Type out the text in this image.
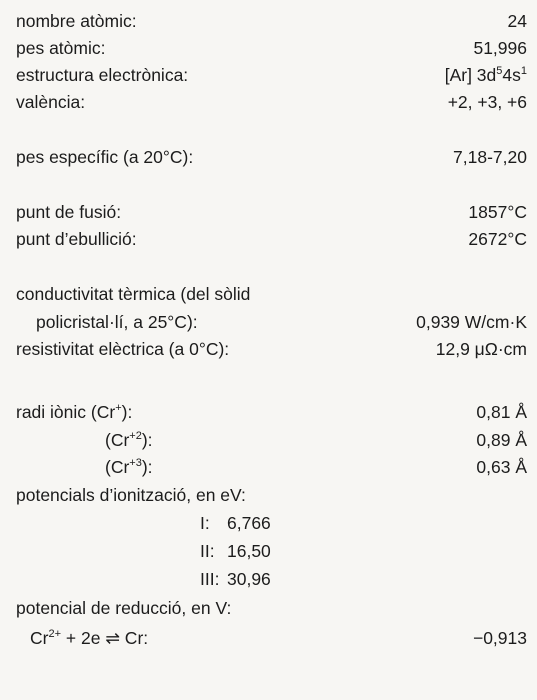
nombre atòmic:	24
pes atòmic:	51,996
estructura electrònica:	[Ar] $3d^54s^1$
valència:	+2, +3, +6
pes específic (a 20°C):	7,18-7,20
punt de fusió:	1857°C
punt d’ebullició:	2672°C
conductivitat tèrmica (del sòlid
policristal·lí, a 25°C):	0,939 W/cm·K
resistivitat elèctrica (a 0°C):	12,9 μΩ·cm
radi iònic (Cr+):	0,81 Å
$(Cr^{+2})$:	0,89 Å
$(Cr^{+3})$:	0,63 Å
potencials d’ionització, en eV:
I: 6,766
II: 16,50
III: 30,96
potencial de reducció, en V:
$Cr^{2+} + 2e$ ⇌ Cr:	−0,913
